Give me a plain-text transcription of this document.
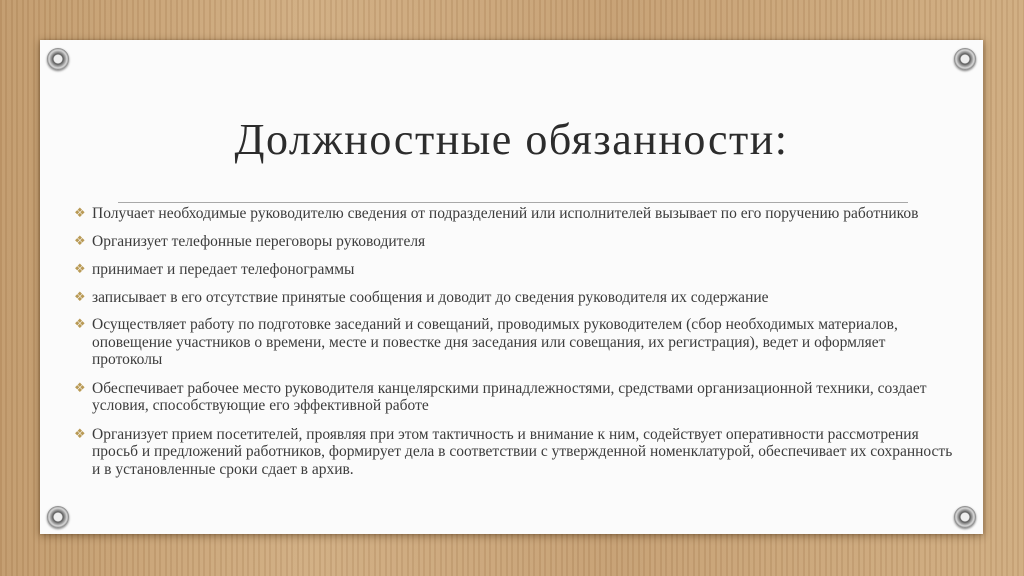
Должностные обязанности:
❖ Получает необходимые руководителю сведения от подразделений или исполнителей вызывает по его поручению работников
❖ Организует телефонные переговоры руководителя
❖ принимает и передает телефонограммы
❖ записывает в его отсутствие принятые сообщения и доводит до сведения руководителя их содержание
❖ Осуществляет работу по подготовке заседаний и совещаний, проводимых руководителем (сбор необходимых материалов, оповещение участников о времени, месте и повестке дня заседания или совещания, их регистрация), ведет и оформляет протоколы
❖ Обеспечивает рабочее место руководителя канцелярскими принадлежностями, средствами организационной техники, создает условия, способствующие его эффективной работе
❖ Организует прием посетителей, проявляя при этом тактичность и внимание к ним, содействует оперативности рассмотрения просьб и предложений работников, формирует дела в соответствии с утвержденной номенклатурой, обеспечивает их сохранность и в установленные сроки сдает в архив.
